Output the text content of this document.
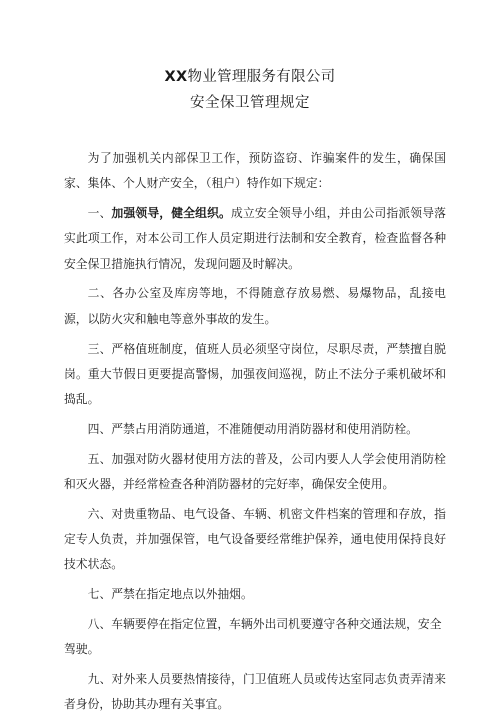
XX物业管理服务有限公司
安全保卫管理规定

为了加强机关内部保卫工作，预防盗窃、诈骗案件的发生，确保国家、集体、个人财产安全，（租户）特作如下规定：

一、加强领导，健全组织。成立安全领导小组，并由公司指派领导落实此项工作，对本公司工作人员定期进行法制和安全教育，检查监督各种安全保卫措施执行情况，发现问题及时解决。

二、各办公室及库房等地，不得随意存放易燃、易爆物品，乱接电源，以防火灾和触电等意外事故的发生。

三、严格值班制度，值班人员必须坚守岗位，尽职尽责，严禁擅自脱岗。重大节假日更要提高警惕，加强夜间巡视，防止不法分子乘机破坏和捣乱。

四、严禁占用消防通道，不准随便动用消防器材和使用消防栓。

五、加强对防火器材使用方法的普及，公司内要人人学会使用消防栓和灭火器，并经常检查各种消防器材的完好率，确保安全使用。

六、对贵重物品、电气设备、车辆、机密文件档案的管理和存放，指定专人负责，并加强保管，电气设备要经常维护保养，通电使用保持良好技术状态。

七、严禁在指定地点以外抽烟。

八、车辆要停在指定位置，车辆外出司机要遵守各种交通法规，安全
驾驶。

九、对外来人员要热情接待，门卫值班人员或传达室同志负责弄清来者身份，协助其办理有关事宜。
